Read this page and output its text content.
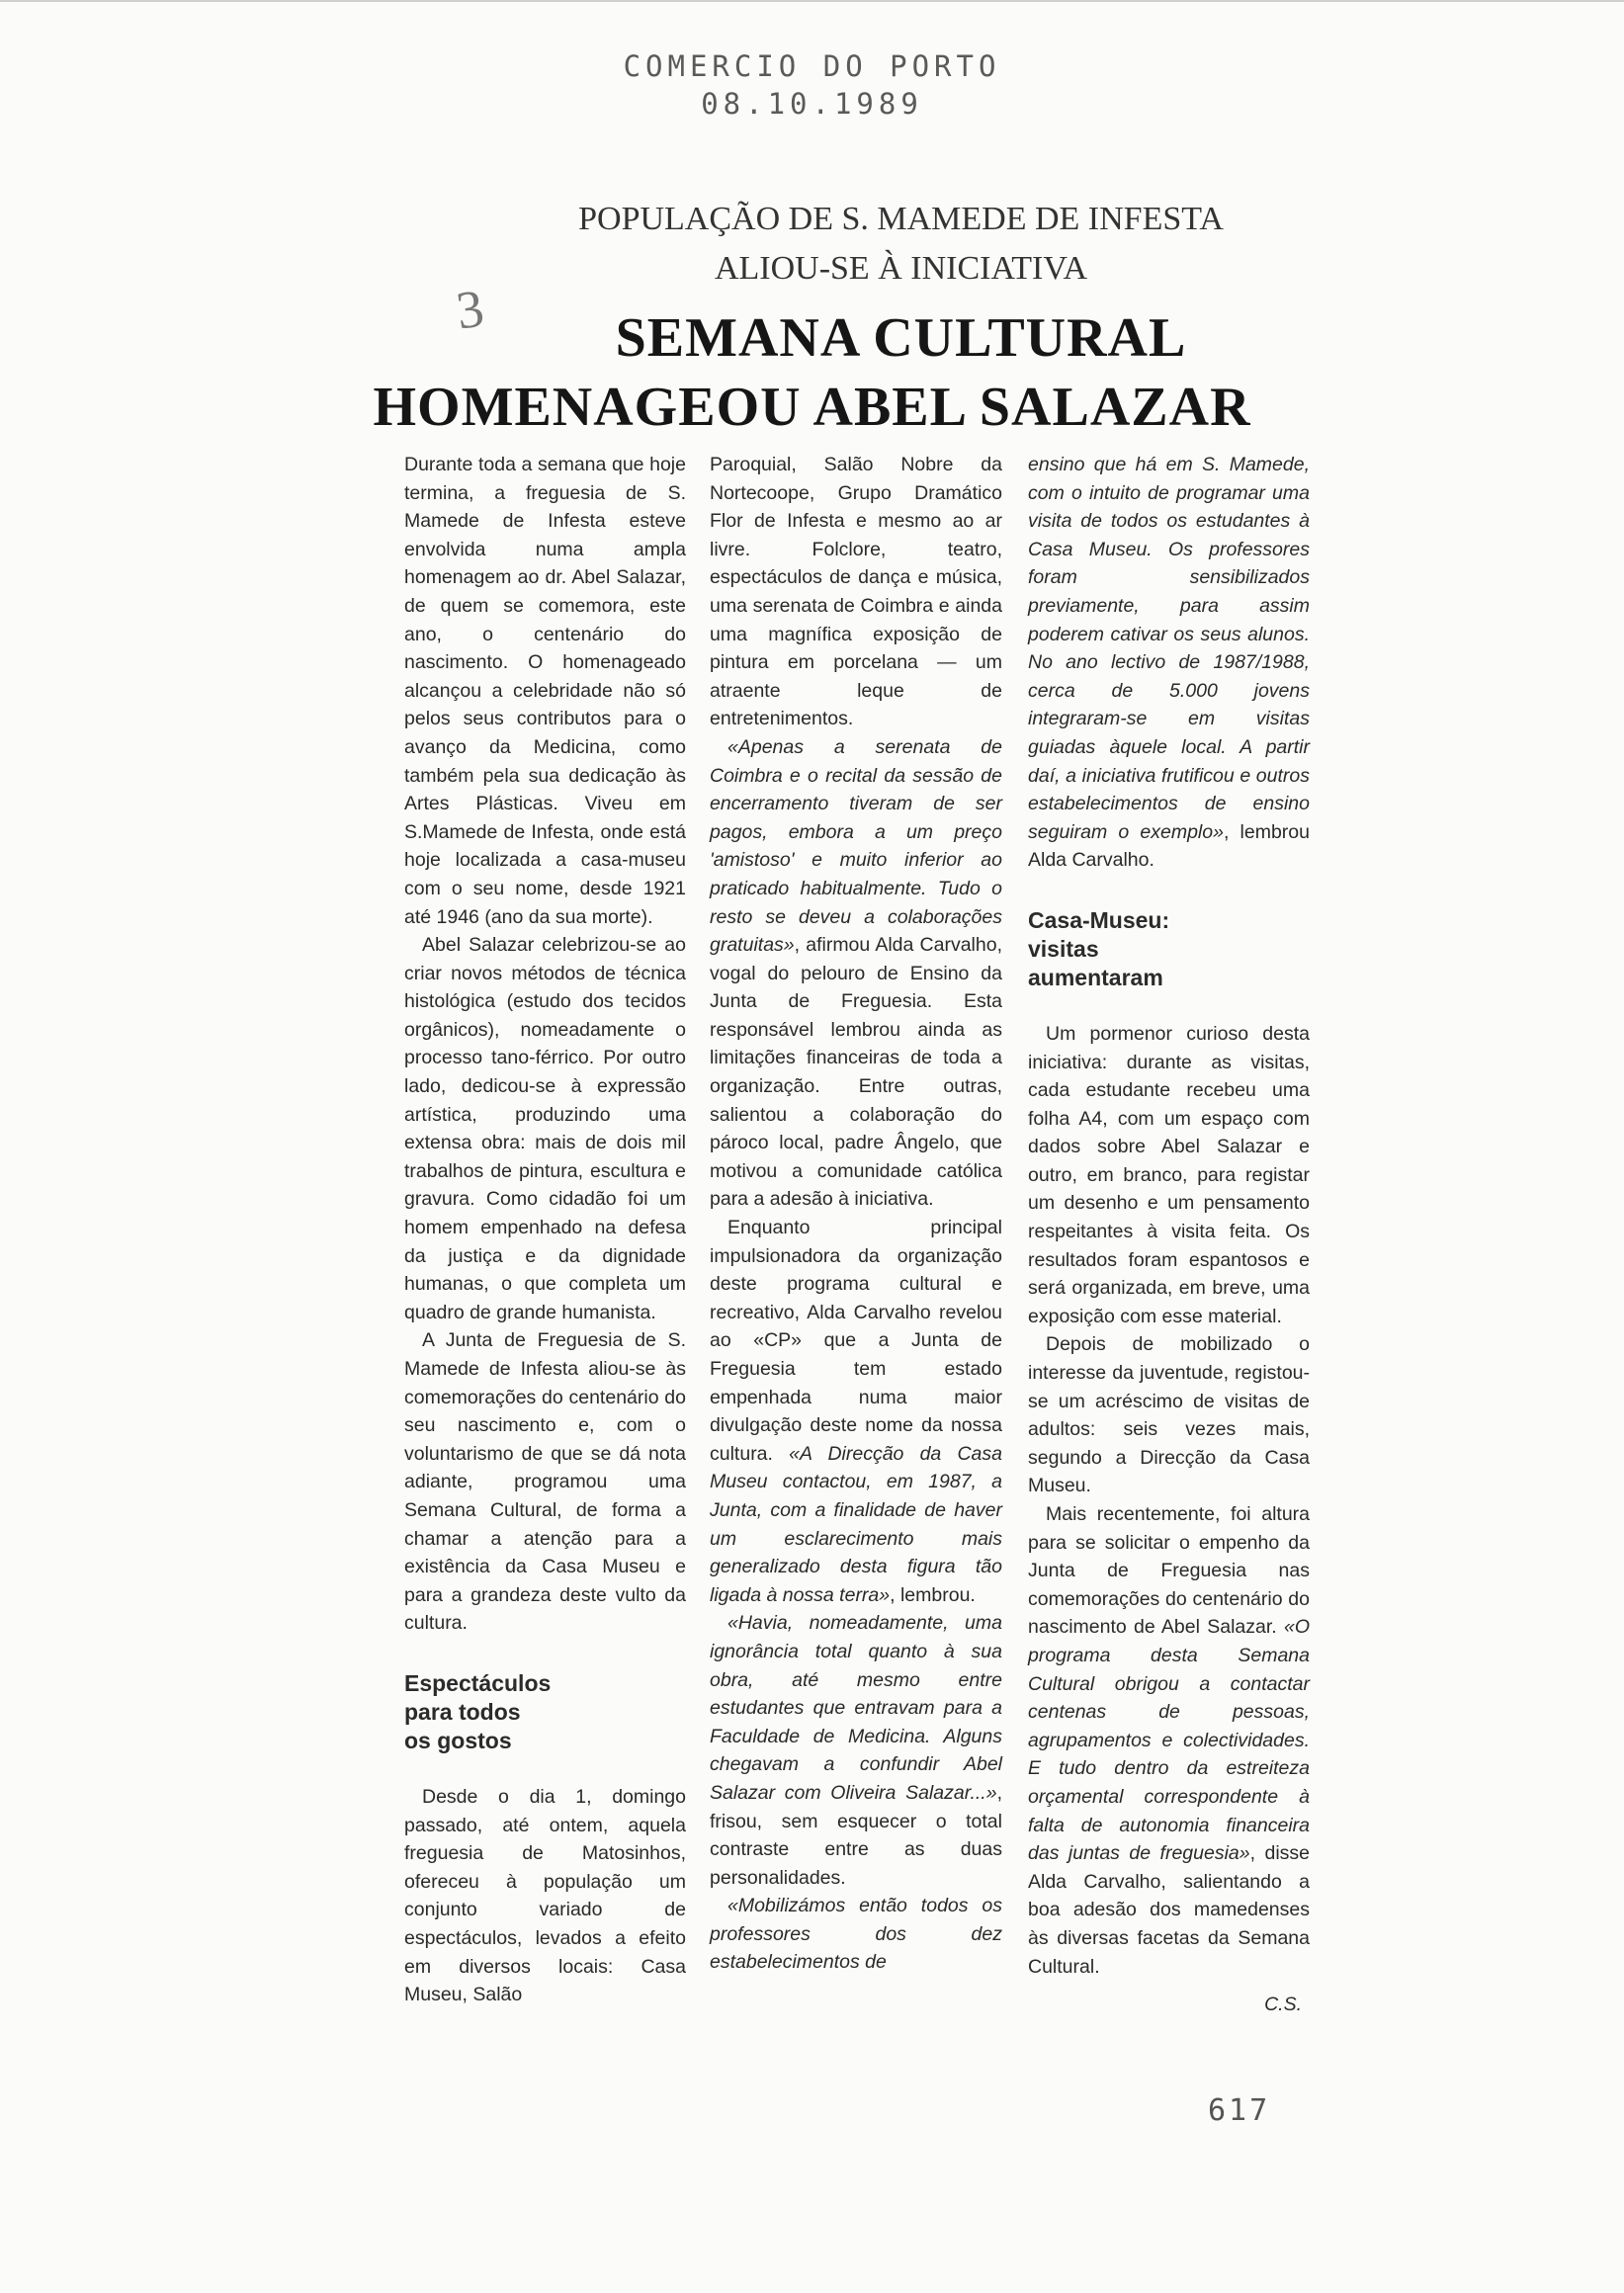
COMERCIO DO PORTO
08.10.1989
POPULAÇÃO DE S. MAMEDE DE INFESTA
ALIOU-SE À INICIATIVA
3	SEMANA CULTURAL
HOMENAGEOU ABEL SALAZAR

Durante toda a semana que hoje termina, a freguesia de S. Mamede de Infesta esteve envolvida numa ampla homenagem ao dr. Abel Salazar, de quem se comemora, este ano, o centenário do nascimento. O homenageado alcançou a celebridade não só pelos seus contributos para o avanço da Medicina, como também pela sua dedicação às Artes Plásticas. Viveu em S.Mamede de Infesta, onde está hoje localizada a casa-museu com o seu nome, desde 1921 até 1946 (ano da sua morte).

Abel Salazar celebrizou-se ao criar novos métodos de técnica histológica (estudo dos tecidos orgânicos), nomeadamente o processo tano-férrico. Por outro lado, dedicou-se à expressão artística, produzindo uma extensa obra: mais de dois mil trabalhos de pintura, escultura e gravura. Como cidadão foi um homem empenhado na defesa da justiça e da dignidade humanas, o que completa um quadro de grande humanista.

A Junta de Freguesia de S. Mamede de Infesta aliou-se às comemorações do centenário do seu nascimento e, com o voluntarismo de que se dá nota adiante, programou uma Semana Cultural, de forma a chamar a atenção para a existência da Casa Museu e para a grandeza deste vulto da cultura.

Espectáculos
para todos
os gostos

Desde o dia 1, domingo passado, até ontem, aquela freguesia de Matosinhos, ofereceu à população um conjunto variado de espectáculos, levados a efeito em diversos locais: Casa Museu, Salão

Paroquial, Salão Nobre da Nortecoope, Grupo Dramático Flor de Infesta e mesmo ao ar livre. Folclore, teatro, espectáculos de dança e música, uma serenata de Coimbra e ainda uma magnífica exposição de pintura em porcelana — um atraente leque de entretenimentos.

«Apenas a serenata de Coimbra e o recital da sessão de encerramento tiveram de ser pagos, embora a um preço 'amistoso' e muito inferior ao praticado habitualmente. Tudo o resto se deveu a colaborações gratuitas», afirmou Alda Carvalho, vogal do pelouro de Ensino da Junta de Freguesia. Esta responsável lembrou ainda as limitações financeiras de toda a organização. Entre outras, salientou a colaboração do pároco local, padre Ângelo, que motivou a comunidade católica para a adesão à iniciativa.

Enquanto principal impulsionadora da organização deste programa cultural e recreativo, Alda Carvalho revelou ao «CP» que a Junta de Freguesia tem estado empenhada numa maior divulgação deste nome da nossa cultura. «A Direcção da Casa Museu contactou, em 1987, a Junta, com a finalidade de haver um esclarecimento mais generalizado desta figura tão ligada à nossa terra», lembrou.

«Havia, nomeadamente, uma ignorância total quanto à sua obra, até mesmo entre estudantes que entravam para a Faculdade de Medicina. Alguns chegavam a confundir Abel Salazar com Oliveira Salazar...», frisou, sem esquecer o total contraste entre as duas personalidades.

«Mobilizámos então todos os professores dos dez estabelecimentos de

ensino que há em S. Mamede, com o intuito de programar uma visita de todos os estudantes à Casa Museu. Os professores foram sensibilizados previamente, para assim poderem cativar os seus alunos. No ano lectivo de 1987/1988, cerca de 5.000 jovens integraram-se em visitas guiadas àquele local. A partir daí, a iniciativa frutificou e outros estabelecimentos de ensino seguiram o exemplo», lembrou Alda Carvalho.

Casa-Museu:
visitas
aumentaram

Um pormenor curioso desta iniciativa: durante as visitas, cada estudante recebeu uma folha A4, com um espaço com dados sobre Abel Salazar e outro, em branco, para registar um desenho e um pensamento respeitantes à visita feita. Os resultados foram espantosos e será organizada, em breve, uma exposição com esse material.

Depois de mobilizado o interesse da juventude, registou-se um acréscimo de visitas de adultos: seis vezes mais, segundo a Direcção da Casa Museu.

Mais recentemente, foi altura para se solicitar o empenho da Junta de Freguesia nas comemorações do centenário do nascimento de Abel Salazar. «O programa desta Semana Cultural obrigou a contactar centenas de pessoas, agrupamentos e colectividades. E tudo dentro da estreiteza orçamental correspondente à falta de autonomia financeira das juntas de freguesia», disse Alda Carvalho, salientando a boa adesão dos mamedenses às diversas facetas da Semana Cultural.

C.S.
617
